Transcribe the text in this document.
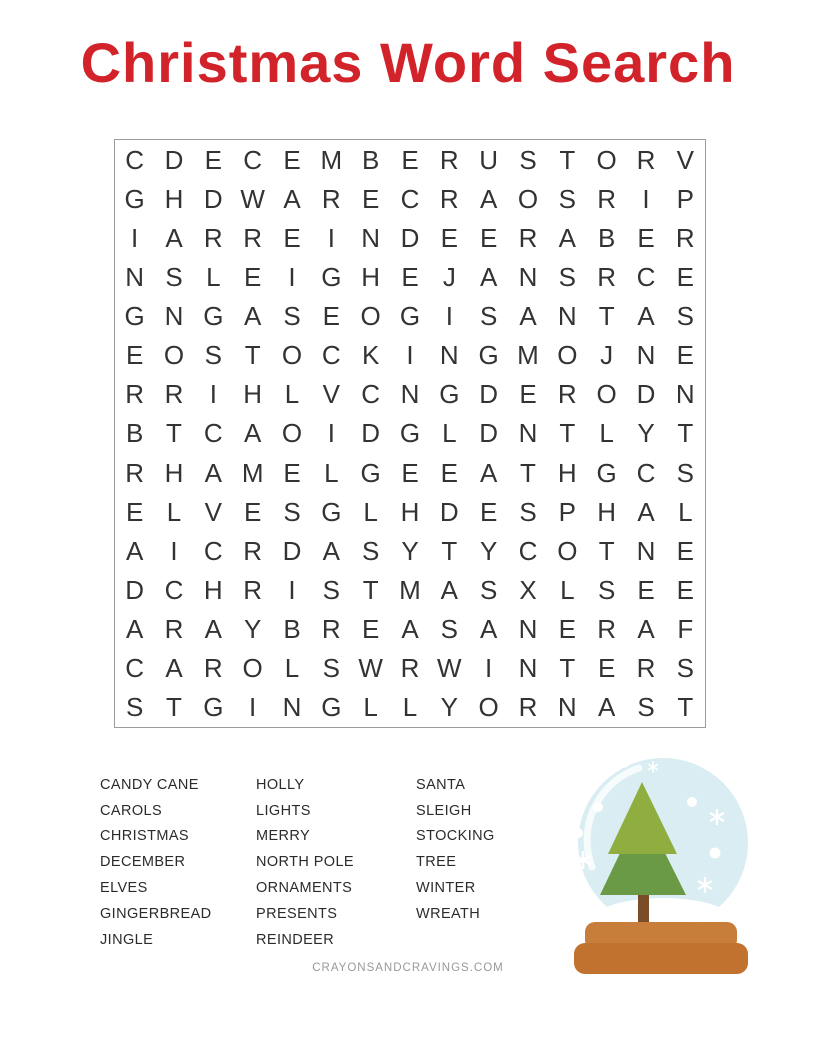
Christmas Word Search
C D E C E M B E R U S T O R V
G H D W A R E C R A O S R	I	P
I	A R R E	I	N D E E R A B E R
N S L E	I G H E J A N S R C E
G N G A S E O G I	S A N T A S
E O S T O C K	I	N G M O J N E
R R	I	H L V C N G D E R O D N
B T C A O I	D G L D N T L Y T
R H A M E L G E E A T H G C S
E L V E S G L H D E S P H A L
A	I	C R D A S Y T Y C O T N E
D C H R	I	S T M A S X L S E E
A R A Y B R E A S A N E R A F
C A R O L S W R W I	N T E R S
S T G I	N G L L Y O R N A S T
CANDY CANE
CAROLS
CHRISTMAS
DECEMBER
ELVES
GINGERBREAD
JINGLE
HOLLY
LIGHTS
MERRY
NORTH POLE
ORNAMENTS
PRESENTS
REINDEER
SANTA
SLEIGH
STOCKING
TREE
WINTER
WREATH
CRAYONSANDCRAVINGS.COM
